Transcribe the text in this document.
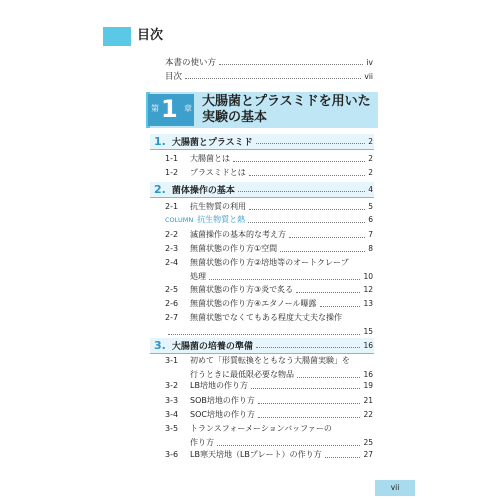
目次
本書の使い方	iv
目次	vii
第 1 章 大腸菌とプラスミドを用いた
実験の基本
1. 大腸菌とプラスミド	2
1-1	大腸菌とは	2
1-2	プラスミドとは	2
2. 菌体操作の基本	4
2-1	抗生物質の利用	5
COLUMN 抗生物質と熱	6
2-2	滅菌操作の基本的な考え方	7
2-3	無菌状態の作り方①空間	8
2-4	無菌状態の作り方②培地等のオートクレーブ
処理	10
2-5	無菌状態の作り方③炎で炙る	12
2-6	無菌状態の作り方④エタノール曝露	13
2-7	無菌状態でなくてもある程度大丈夫な操作
15
3. 大腸菌の培養の準備	16
3-1	初めて「形質転換をともなう大腸菌実験」を
行うときに最低限必要な物品	16
3-2	LB培地の作り方	19
3-3	SOB培地の作り方	21
3-4	SOC培地の作り方	22
3-5	トランスフォーメーションバッファーの
作り方	25
3-6	LB寒天培地（LBプレート）の作り方	27
vii
